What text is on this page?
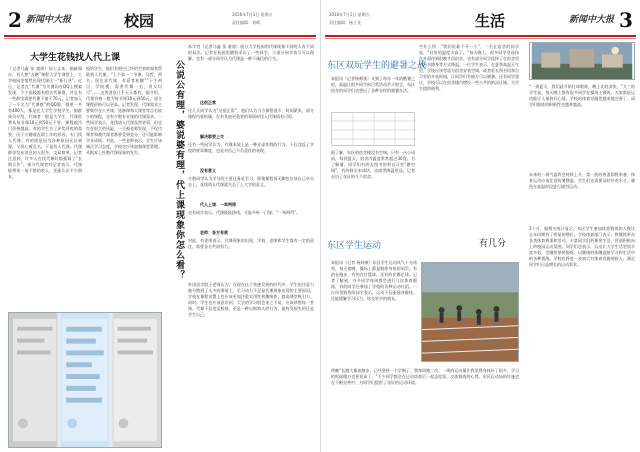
2 新闻中大报	校园	2016年7月1日 星期五
责任编辑：刘晴
大学生花钱找人代上课
（记者马鑫 张 童商）同上文本，据新闻台，有人想“去蹭”课程大学生课堂上，大学校园里悄然出现代课这一“新行业”。近日，记者在“代课”为关键词在QQ上搜索发现，不少高校都有相关代课群，并且有一些群里需要代课不低于70元。记者加入了一个名为“代课群”的QQ群，群里一共有400人，都是在大学生学校学生。据群成员介绍，代课者一般是大学生，代课收费从每节课10元到50元不等，课程越冷门价格越高。有的学生为了评奖评优的需要，出于兴趣或在职工作的原因，专门找人代课；有的则是因为各种原因无法到课，又担心被点名，于是找人代课。代课群里发布消息的人很多，交易简单。记者注意到，许多人在找代课时都强调了“长期合作”。部分代课者对记者表示，代课能带来一笔不错的收入，还能认识不少朋友。
校的学生，他们有相应已经的空余时间来帮助别人代课。“上个第一二节课，马哲，两名，现在求代课，有意者私聊”“下午两点，学院楼，需要代课一名，男女均可”……这类消息几乎天天都有。据介绍，代课价格一般为每节课30元到50元，部分课程价格可以更高。记者发现，代课需求主要集中在公共课、选修课和大课堂等点名较少的课程，也有少数专业课的代课需求。一些同学表示，花钱请人代课虽然省事，但也存在很大的风险。一旦被老师发现，不仅代课者和被代课者都要受到处分，还可能影响学业成绩。对此，一些老师表示，学生应该端正学习态度，学校也应该加强课堂管理，从根本上杜绝代课现象的发生。	公说公有理，婆说婆有理，代上课现象你怎么看？
本学者（记者马鑫 张 童商）校分大学校园的代课现象不同的人有不同的看法。记者在校园里随机采访了一些同学，大部分同学表示可以理解，也有一部分同学认为代课是一种不诚信的行为。
这很正常
这几天同学认为“这很正常”，他们认为当今课程很多，时间紧张，部分课程内容枯燥，在有其他更重要的事情时找人代课情有可原。
解决都要上交
还有一些同学认为，代课本质上是一种弄虚作假的行为，不仅违反了学校的规章制度，也是对自己不负责任的表现。
没有意义
少数同学认为学分的主要任务是学习，即使课程再无聊也应该自己亲自去上，花钱请人代课就失去了上大学的意义。
代人上课：一举两得
也有同学表示，代课既能挣钱，又能多听一门课，“一举两得”。
老师：各方有责
对此，有老师表示，代课现象的出现，学校、老师和学生都有一定的责任，需要各方共同努力。
外国语学院王老师认为，在现在这个快速发展的时代中，学生的注意力被分散到了太多的事情上，学习动力不足是代课现象出现的主要原因。学校在课程设置上也应该更加注重实用性和趣味性，提高课堂吸引力。同时，学生也应该意识到，大学的学习机会来之不易，应该珍惜每一堂课。代课不仅违反校规，更是一种自欺欺人的行为，最终受损失的还是学生自己。
2016年7月1日 星期五
责任编辑：杨子龙	生活	新闻中大报 3
东区双玩学生的避暑之战
本报讯（记者杨帅康）又到了每年一年的酷暑之时，高温让很多同学的日常活动苦不堪言，东区宿舍的同学们也想出了各种各样的避暑办法。
据了解，东区的宿舍楼没有空调，只有一台小风扇，每到夏天，宿舍内温度常常超过30度。为了解暑，同学们有的去图书馆和自习室“蹭空调”，有的则买来冰块、凉席等降温用品。记者走访了东区的几个宿舍。
空什么得，“我们很难不开一个”，一名在宿舍的同学说，“这里的温度太高了。”每天晚上，很多同学会选择在外面待到很晚才回宿舍。也有部分同学选择了在宿舍里用冷水擦身等方式降温。一位学生表示，在夏季高温天气里，学校应该考虑为宿舍安装空调，或者延长图书馆和自习室的开放时间，让同学们有地方可以避暑。还有同学建议，学校可以在宿舍楼内增设一些公共的纳凉区域，为学生提供便利。	“一到夏天，我们就开始打球锻炼，晚上比较凉快。”大三的学生说。每天晚上都有很多同学在操场上锻炼，大家都说运动能让人保持好心情。学校的体育设施也越来越完善了，同学们锻炼的积极性也越来越高。
未来的一周气温将会持续上升，第一波的热浪即将来袭，体育运动应该注意防暑降温，学生们还需要及时补充水分，避免在高温时段进行剧烈运动。
东区学生运动	有几分
本报讯（记者 杨帅康）东区学生运动风气十分浓厚，每天傍晚，操场上都是锻炼身体的同学。有的在跑步，有的在打篮球，还有的在踢足球。记者了解到，许多同学每周都会进行几次体育锻炼，有的同学还参加了学校的各种运动社团。一位经常锻炼的同学表示，运动不仅能强身健体，还能缓解学习压力，结交更多的朋友。
傍晚“长跑大都来跑步、已经坚持一个学期了，我每周跑三次，一周的运动量让我觉得身体好了很多，学习的时候精力也更充沛了。”不少同学都会在运动结束后一起去吃饭，交流锻炼的心得。东区运动场的设施也在不断完善中，为同学们提供了良好的运动环境。
2个月，据相关统计显示，东区学生参加体育锻炼的人数比去年同期有了明显的增长。学校体育部门表示，将继续举办各类体育赛事和活动，丰富同学们的课余生活，营造积极向上的校园运动氛围。同学们也表示，运动让大学生活更加丰富多彩，会继续坚持锻炼，以健康的体魄迎接学习和生活中的各种挑战。学校也将进一步加大对体育设施的投入，满足同学们日益增长的运动需求。
